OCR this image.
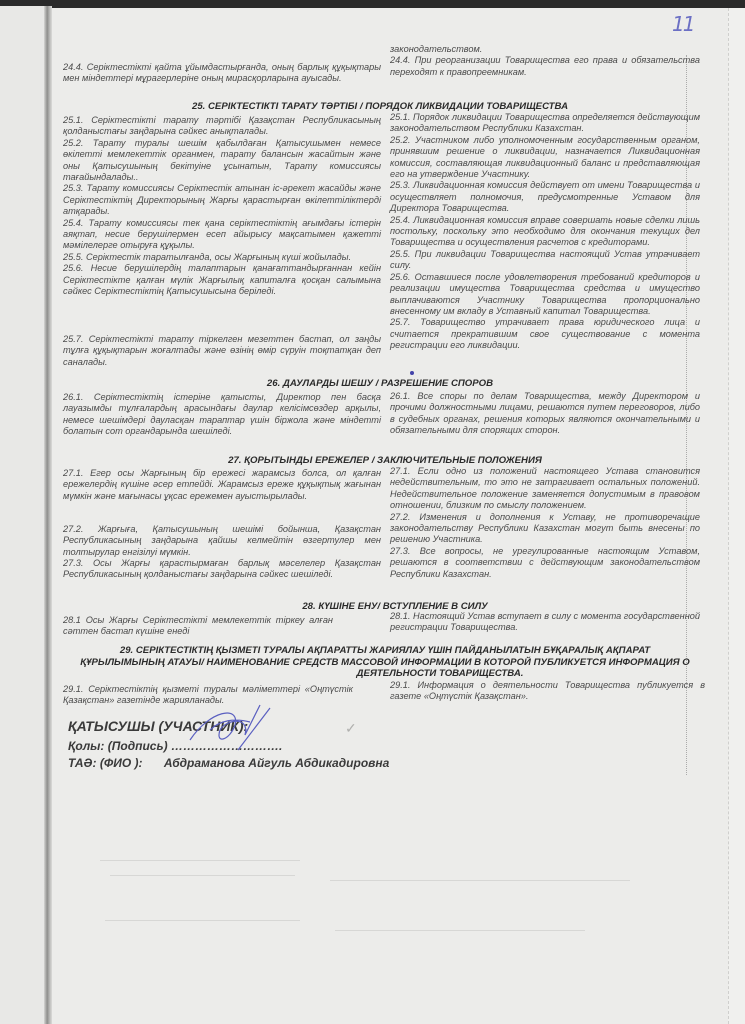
11
24.4. Серіктестікті қайта ұйымдастырғанда, оның барлық құқықтары мен міндеттері мұрагерлеріне оның мирасқорларына ауысады.

законодательством.

24.4. При реорганизации Товарищества его права и обязательства переходят к правопреемникам.

25. СЕРІКТЕСТІКТІ ТАРАТУ ТӘРТІБІ / ПОРЯДОК ЛИКВИДАЦИИ ТОВАРИЩЕСТВА

25.1. Серіктестікті тарату тәртібі Қазақстан Республикасының қолданыстағы заңдарына сәйкес анықталады.

25.2. Тарату туралы шешім қабылдаған Қатысушымен немесе өкілетті мемлекеттік органмен, тарату балансын жасайтын және оны Қатысушының бекітуіне ұсынатын, Тарату комиссиясы тағайындалады..

25.3. Тарату комиссиясы Серіктестік атынан іс-әрекет жасайды және Серіктестіктің Директорының Жарғы қарастырған өкілеттіліктерді атқарады.

25.4. Тарату комиссиясы тек қана серіктестіктің ағымдағы істерін аяқтап, несие берушілермен есеп айырысу мақсатымен қажетті мәмілелерге отыруға құқылы.

25.5. Серіктестік таратылғанда, осы Жарғының күші жойылады.

25.6. Несие берушілердің талаптарын қанағаттандырғаннан кейін Серіктестікте қалған мүлік Жарғылық капиталға қосқан салымына сәйкес Серіктестіктің Қатысушысына беріледі.

25.7. Серіктестікті тарату тіркелген мезеттен бастап, ол заңды тұлға құқықтарын жоғалтады және өзінің өмір сүруін тоқтатқан деп саналады.

25.1. Порядок ликвидации Товарищества определяется действующим законодательством Республики Казахстан.

25.2. Участником либо уполномоченным государственным органом, принявшим решение о ликвидации, назначается Ликвидационная комиссия, составляющая ликвидационный баланс и представляющая его на утверждение Участнику.

25.3. Ликвидационная комиссия действует от имени Товарищества и осуществляет полномочия, предусмотренные Уставом для Директора Товарищества.

25.4. Ликвидационная комиссия вправе совершать новые сделки лишь постольку, поскольку это необходимо для окончания текущих дел Товарищества и осуществления расчетов с кредиторами.

25.5. При ликвидации Товарищества настоящий Устав утрачивает силу.

25.6. Оставшиеся после удовлетворения требований кредиторов и реализации имущества Товарищества средства и имущество выплачиваются Участнику Товарищества пропорционально внесенному им вкладу в Уставный капитал Товарищества.

25.7. Товарищество утрачивает права юридического лица и считается прекратившим свое существование с момента регистрации его ликвидации.

26. ДАУЛАРДЫ ШЕШУ / РАЗРЕШЕНИЕ СПОРОВ
26.1. Серіктестіктің істеріне қатысты, Директор пен басқа лауазымды тұлғалардың арасындағы даулар келісімсөздер арқылы, немесе шешімдері дауласқан тараптар үшін біржола және міндетті болатын сот органдарында шешіледі.
26.1. Все споры по делам Товарищества, между Директором и прочими должностными лицами, решаются путем переговоров, либо в судебных органах, решения которых являются окончательными и обязательными для спорящих сторон.
27. ҚОРЫТЫНДЫ ЕРЕЖЕЛЕР / ЗАКЛЮЧИТЕЛЬНЫЕ ПОЛОЖЕНИЯ
27.1. Егер осы Жарғының бір ережесі жарамсыз болса, ол қалған ережелердің күшіне әсер етпейді. Жарамсыз ереже құқықтық жағынан мүмкін және мағынасы ұқсас ережемен ауыстырылады.
27.2. Жарғыға, Қатысушының шешімі бойынша, Қазақстан Республикасының заңдарына қайшы келмейтін өзгертулер мен толтырулар енгізілуі мүмкін.
27.3. Осы Жарғы қарастырмаған барлық мәселелер Қазақстан Республикасының қолданыстағы заңдарына сәйкес шешіледі.

27.1. Если одно из положений настоящего Устава становится недействительным, то это не затрагивает остальных положений. Недействительное положение заменяется допустимым в правовом отношении, близким по смыслу положением.

27.2. Изменения и дополнения к Уставу, не противоречащие законодательству Республики Казахстан могут быть внесены по решению Участника.

27.3. Все вопросы, не урегулированные настоящим Уставом, решаются в соответствии с действующим законодательством Республики Казахстан.

28. КҮШІНЕ ЕНУ/ ВСТУПЛЕНИЕ В СИЛУ
28.1 Осы Жарғы Серіктестікті мемлекеттік тіркеу алған сәттен бастап күшіне енеді
28.1. Настоящий Устав вступает в силу с момента государственной регистрации Товарищества.
29. СЕРІКТЕСТІКТІҢ ҚЫЗМЕТІ ТУРАЛЫ АҚПАРАТТЫ ЖАРИЯЛАУ ҮШІН ПАЙДАНЫЛАТЫН БҰҚАРАЛЫҚ АҚПАРАТ
ҚҰРЫЛЫМЫНЫҢ АТАУЫ/ НАИМЕНОВАНИЕ СРЕДСТВ МАССОВОЙ ИНФОРМАЦИИ В КОТОРОЙ ПУБЛИКУЕТСЯ ИНФОРМАЦИЯ О
ДЕЯТЕЛЬНОСТИ ТОВАРИЩЕСТВА.
29.1. Серіктестіктің қызметі туралы мәліметтері «Оңтүстік Қазақстан» газетінде жарияланады.
29.1. Информация о деятельности Товарищества публикуется в газете «Оңтүстік Қазақстан».
ҚАТЫСУШЫ (УЧАСТНИК):
Қолы: (Подпись) ……………………….
ТАӘ: (ФИО ): Абдраманова Айгуль Абдикадировна
✓
